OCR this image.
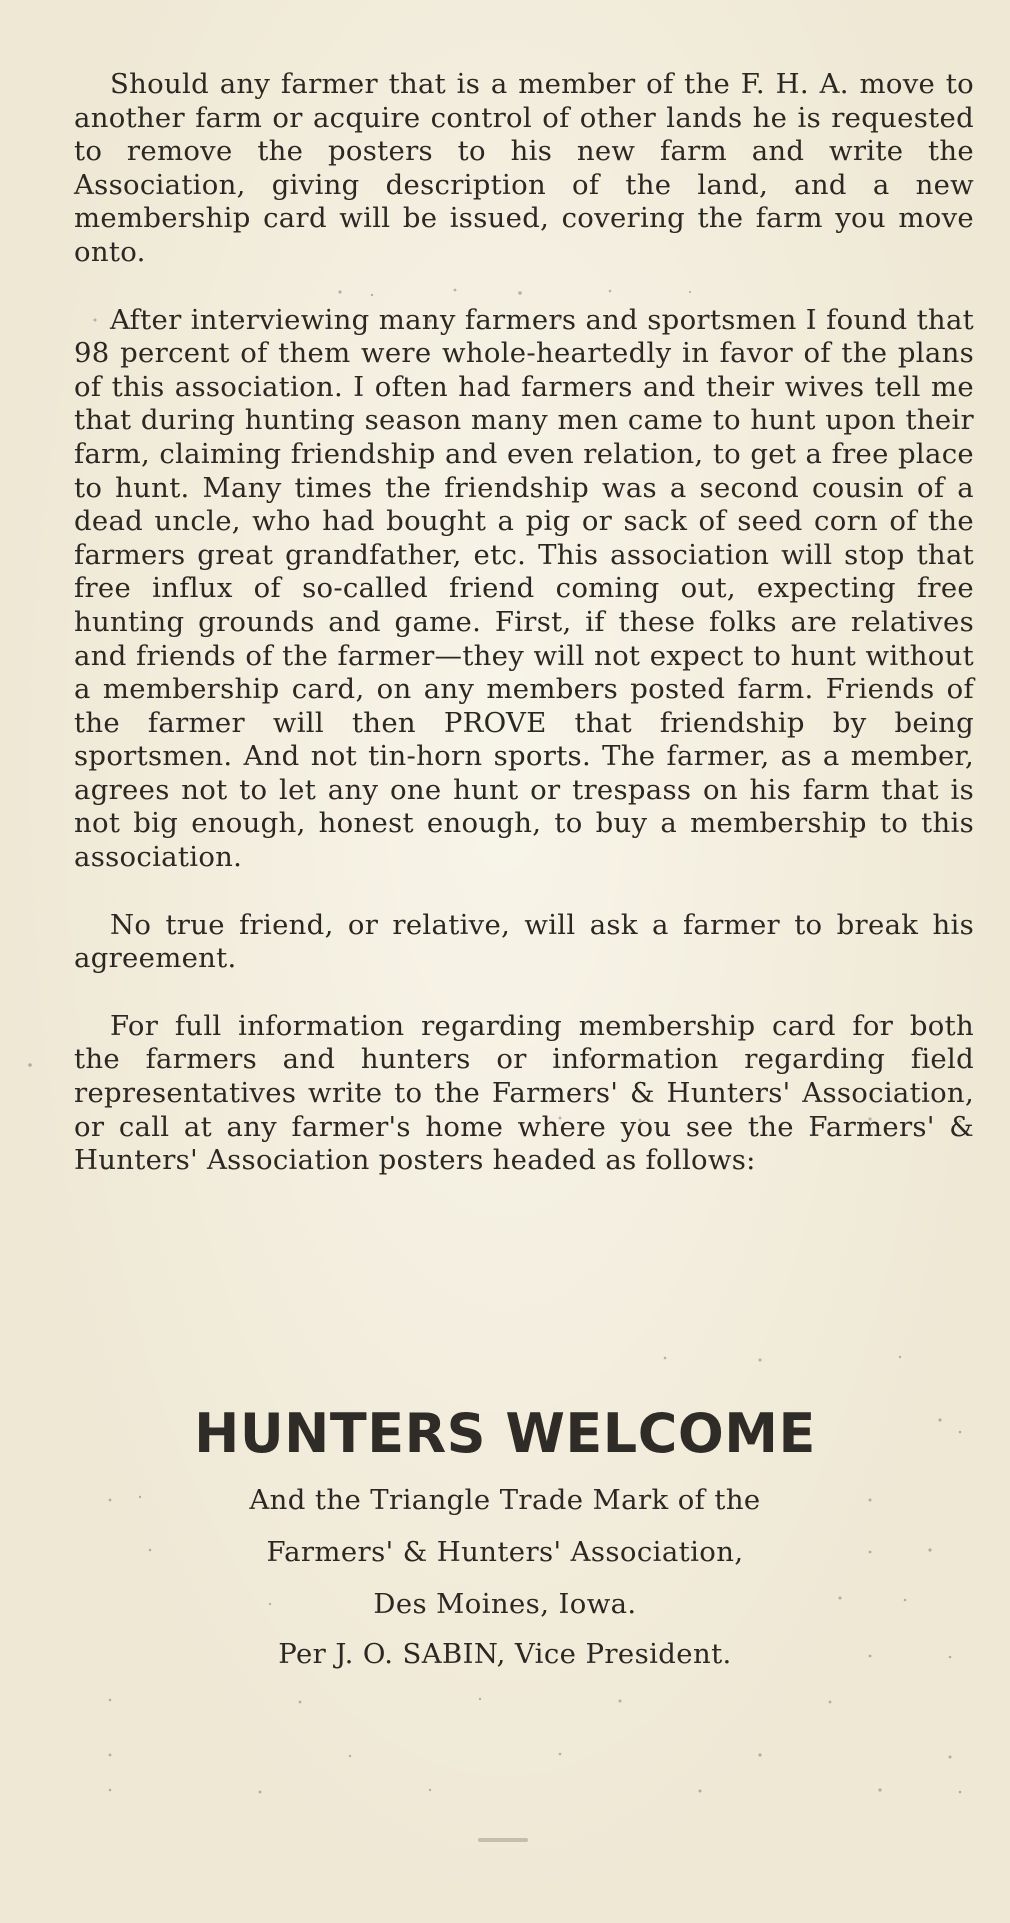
Should any farmer that is a member of the F. H. A. move to another farm or acquire control of other lands he is requested to remove the posters to his new farm and write the Association, giving description of the land, and a new membership card will be issued, covering the farm you move onto.

After interviewing many farmers and sportsmen I found that 98 percent of them were whole-heartedly in favor of the plans of this association. I often had farmers and their wives tell me that during hunting season many men came to hunt upon their farm, claiming friendship and even relation, to get a free place to hunt. Many times the friendship was a second cousin of a dead uncle, who had bought a pig or sack of seed corn of the farmers great grandfather, etc. This association will stop that free influx of so-called friend coming out, expecting free hunting grounds and game. First, if these folks are relatives and friends of the farmer—they will not expect to hunt without a membership card, on any members posted farm. Friends of the farmer will then PROVE that friendship by being sportsmen. And not tin-horn sports. The farmer, as a member, agrees not to let any one hunt or trespass on his farm that is not big enough, honest enough, to buy a membership to this association.

No true friend, or relative, will ask a farmer to break his agreement.

For full information regarding membership card for both the farmers and hunters or information regarding field representatives write to the Farmers' & Hunters' Association, or call at any farmer's home where you see the Farmers' & Hunters' Association posters headed as follows:

HUNTERS WELCOME

And the Triangle Trade Mark of the

Farmers' & Hunters' Association,

Des Moines, Iowa.

Per J. O. SABIN, Vice President.
